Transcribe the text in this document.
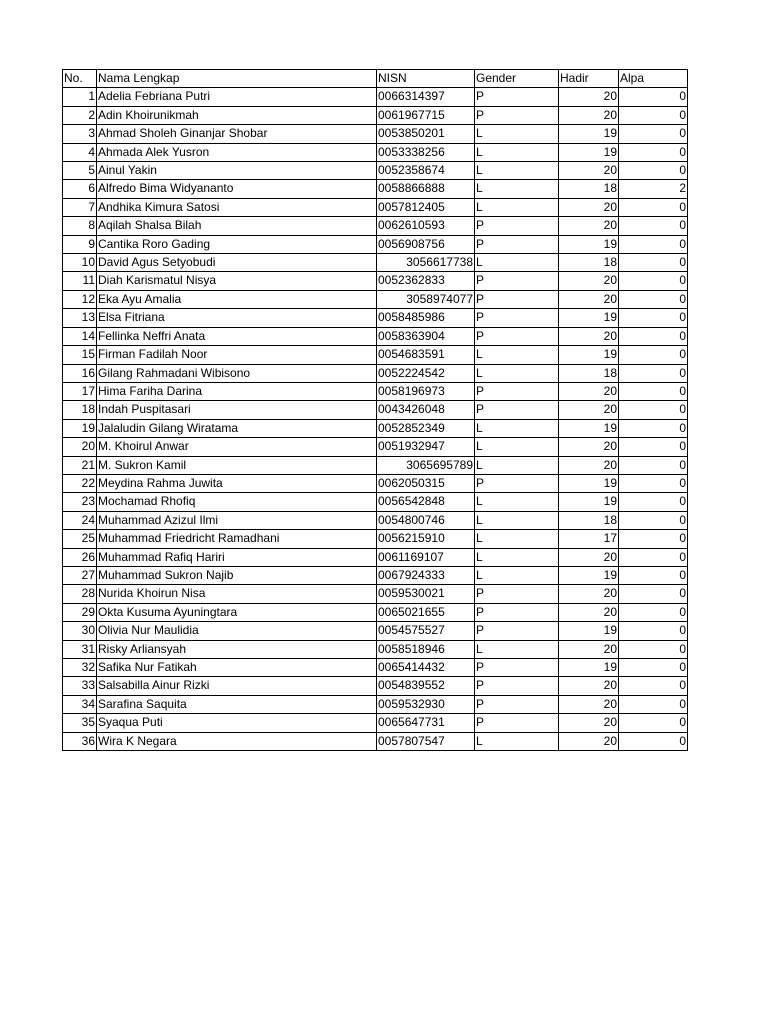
No.	Nama Lengkap	NISN	Gender	Hadir	Alpa
1	Adelia Febriana Putri	0066314397	P	20	0
2	Adin Khoirunikmah	0061967715	P	20	0
3	Ahmad Sholeh Ginanjar Shobar	0053850201	L	19	0
4	Ahmada Alek Yusron	0053338256	L	19	0
5	Ainul Yakin	0052358674	L	20	0
6	Alfredo Bima Widyananto	0058866888	L	18	2
7	Andhika Kimura Satosi	0057812405	L	20	0
8	Aqilah Shalsa Bilah	0062610593	P	20	0
9	Cantika Roro Gading	0056908756	P	19	0
10	David Agus Setyobudi	3056617738	L	18	0
11	Diah Karismatul Nisya	0052362833	P	20	0
12	Eka Ayu Amalia	3058974077	P	20	0
13	Elsa Fitriana	0058485986	P	19	0
14	Fellinka Neffri Anata	0058363904	P	20	0
15	Firman Fadilah Noor	0054683591	L	19	0
16	Gilang Rahmadani Wibisono	0052224542	L	18	0
17	Hima Fariha Darina	0058196973	P	20	0
18	Indah Puspitasari	0043426048	P	20	0
19	Jalaludin Gilang Wiratama	0052852349	L	19	0
20	M. Khoirul Anwar	0051932947	L	20	0
21	M. Sukron Kamil	3065695789	L	20	0
22	Meydina Rahma Juwita	0062050315	P	19	0
23	Mochamad Rhofiq	0056542848	L	19	0
24	Muhammad Azizul Ilmi	0054800746	L	18	0
25	Muhammad Friedricht Ramadhani	0056215910	L	17	0
26	Muhammad Rafiq Hariri	0061169107	L	20	0
27	Muhammad Sukron Najib	0067924333	L	19	0
28	Nurida Khoirun Nisa	0059530021	P	20	0
29	Okta Kusuma Ayuningtara	0065021655	P	20	0
30	Olivia Nur Maulidia	0054575527	P	19	0
31	Risky Arliansyah	0058518946	L	20	0
32	Safika Nur Fatikah	0065414432	P	19	0
33	Salsabilla Ainur Rizki	0054839552	P	20	0
34	Sarafina Saquita	0059532930	P	20	0
35	Syaqua Puti	0065647731	P	20	0
36	Wira K Negara	0057807547	L	20	0
